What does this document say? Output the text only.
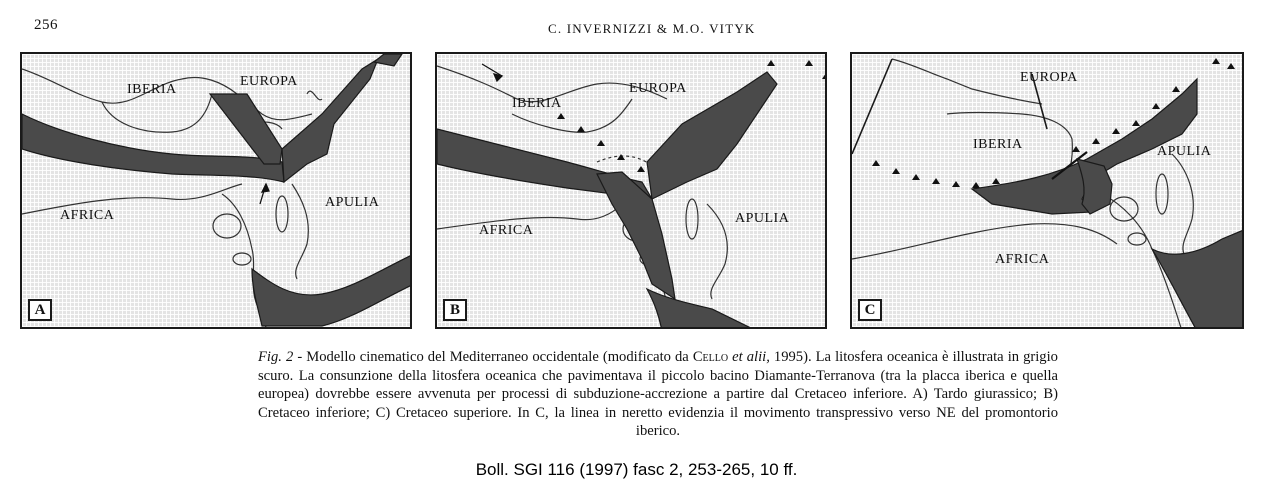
256	C. INVERNIZZI & M.O. VITYK
IBERIA
EUROPA
AFRICA
APULIA
A
IBERIA
EUROPA
AFRICA
APULIA
B
EUROPA
IBERIA	APULIA
AFRICA
C
Fig. 2 - Modello cinematico del Mediterraneo occidentale (modificato da Cello et alii, 1995). La litosfera oceanica è illustrata in grigio scuro. La consunzione della litosfera oceanica che pavimentava il piccolo bacino Diamante-Terranova (tra la placca iberica e quella europea) dovrebbe essere avvenuta per processi di subduzione-accrezione a partire dal Cretaceo inferiore. A) Tardo giurassico; B) Cretaceo inferiore; C) Cretaceo superiore. In C, la linea in neretto evidenzia il movimento transpressivo verso NE del promontorio iberico.
Boll. SGI 116 (1997) fasc 2, 253-265, 10 ff.
